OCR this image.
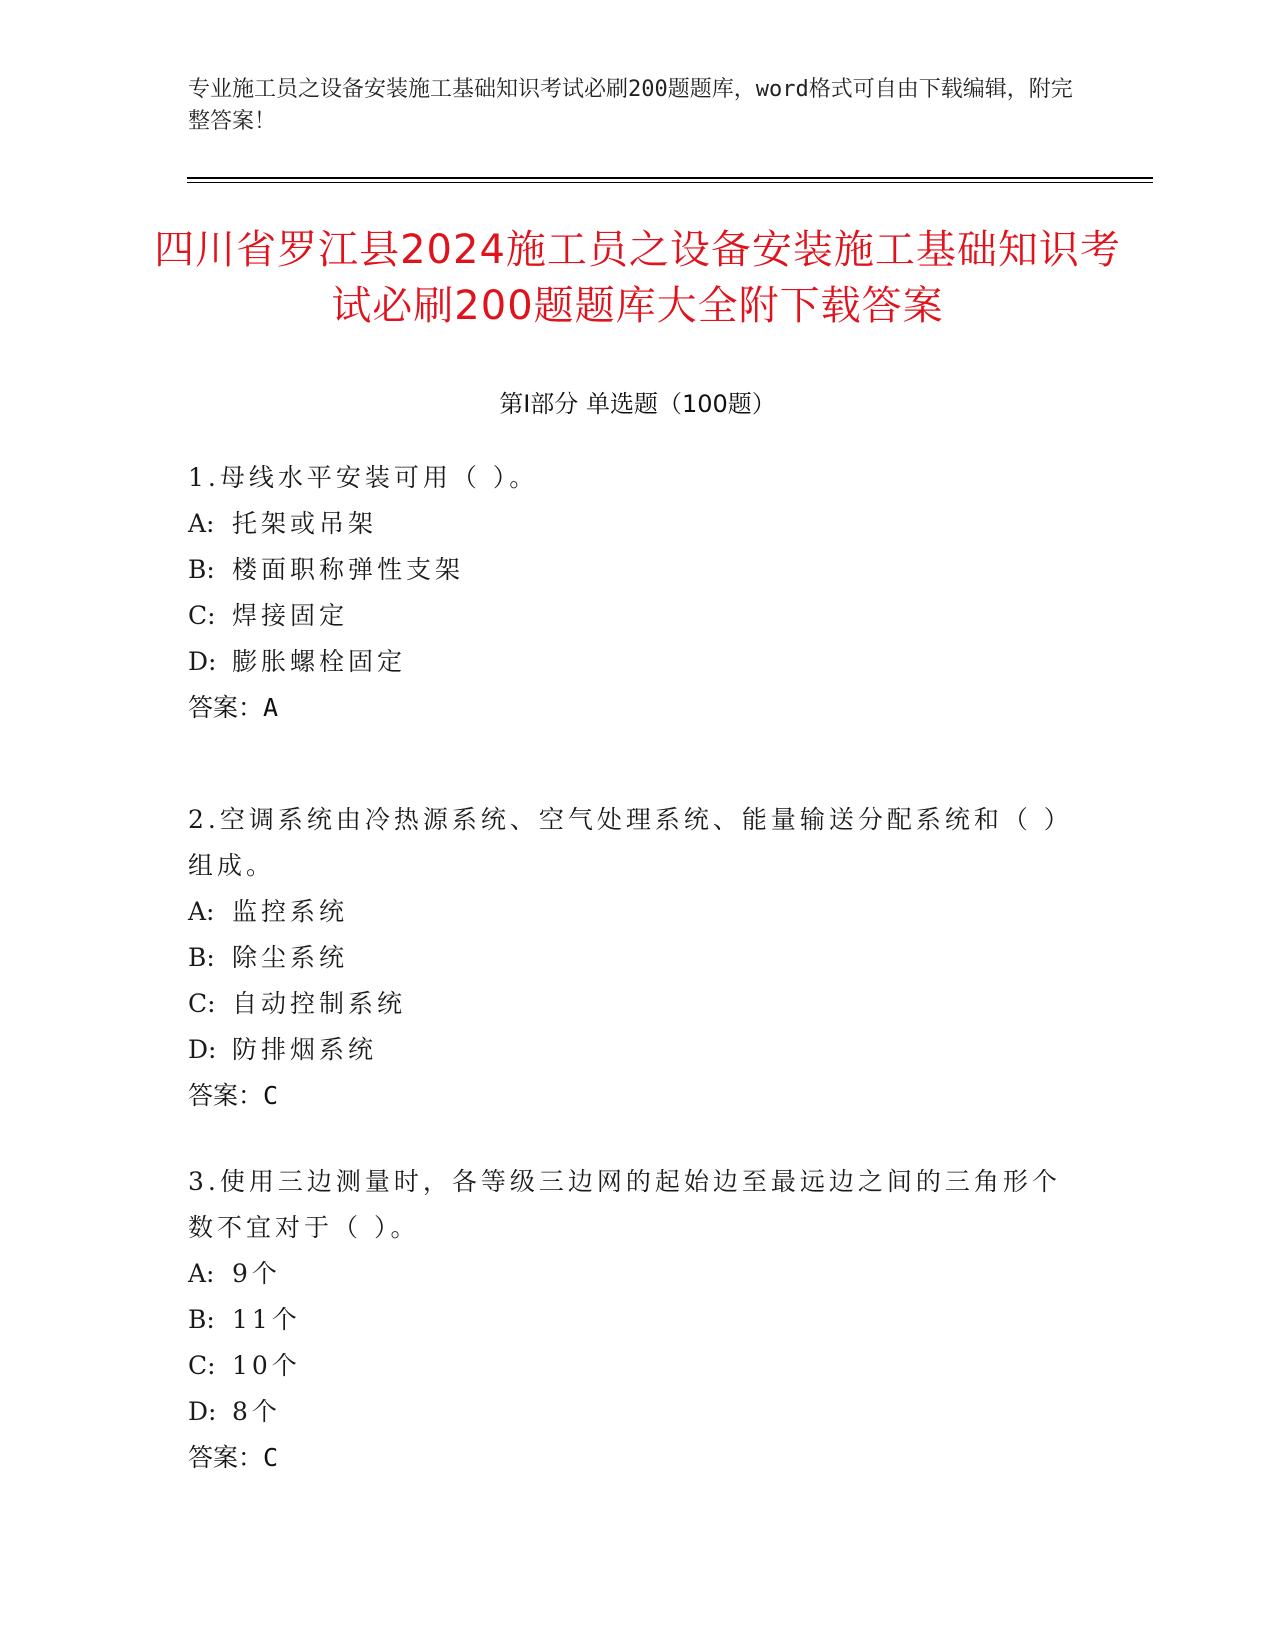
专业施工员之设备安装施工基础知识考试必刷200题题库，word格式可自由下载编辑，附完整答案！
四川省罗江县2024施工员之设备安装施工基础知识考试必刷200题题库大全附下载答案
第Ⅰ部分 单选题（100题）
1.母线水平安装可用（ ）。
A: 托架或吊架
B: 楼面职称弹性支架
C: 焊接固定
D: 膨胀螺栓固定
答案：A
2.空调系统由冷热源系统、空气处理系统、能量输送分配系统和（ ）组成。
A: 监控系统
B: 除尘系统
C: 自动控制系统
D: 防排烟系统
答案：C
3.使用三边测量时，各等级三边网的起始边至最远边之间的三角形个数不宜对于（ ）。
A: 9个
B: 11个
C: 10个
D: 8个
答案：C
